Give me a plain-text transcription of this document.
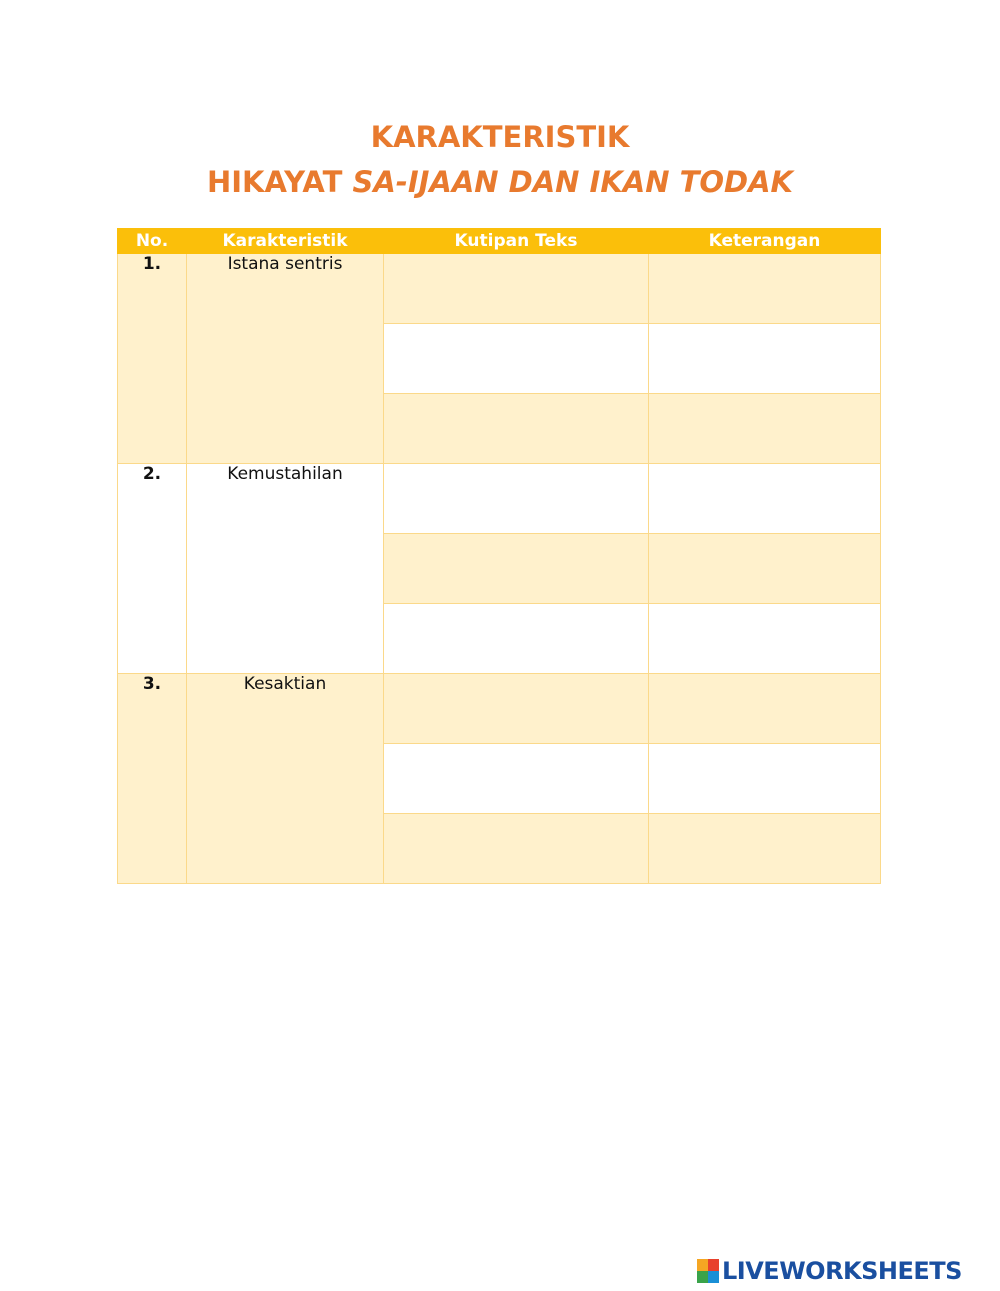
KARAKTERISTIK
HIKAYAT SA-IJAAN DAN IKAN TODAK
No.	Karakteristik	Kutipan Teks	Keterangan
1.	Istana sentris		

2.	Kemustahilan		

3.	Kesaktian		

LIVEWORKSHEETS
